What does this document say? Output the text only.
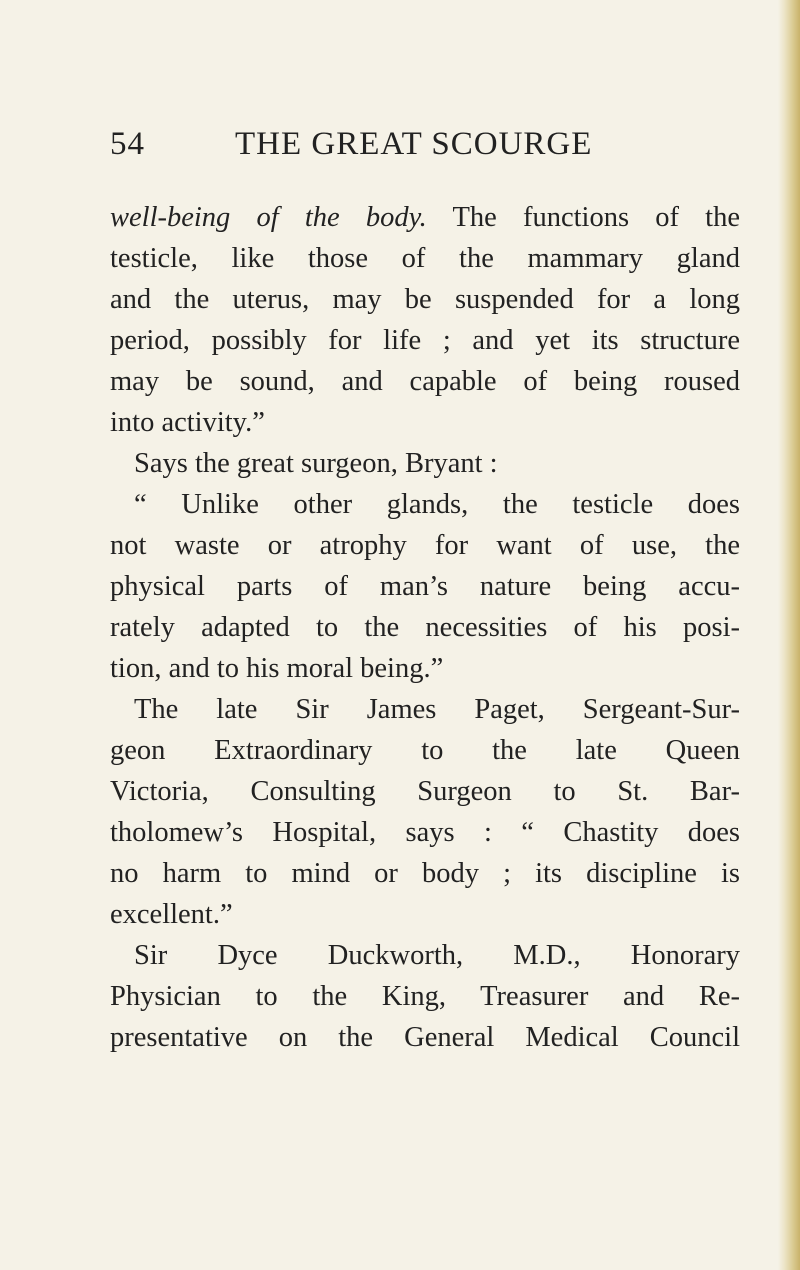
54	THE GREAT SCOURGE
well-being of the body. The functions of the
testicle, like those of the mammary gland
and the uterus, may be suspended for a long
period, possibly for life ; and yet its structure
may be sound, and capable of being roused
into activity.”
Says the great surgeon, Bryant :
“ Unlike other glands, the testicle does
not waste or atrophy for want of use, the
physical parts of man’s nature being accu-
rately adapted to the necessities of his posi-
tion, and to his moral being.”
The late Sir James Paget, Sergeant-Sur-
geon Extraordinary to the late Queen
Victoria, Consulting Surgeon to St. Bar-
tholomew’s Hospital, says : “ Chastity does
no harm to mind or body ; its discipline is
excellent.”
Sir Dyce Duckworth, M.D., Honorary
Physician to the King, Treasurer and Re-
presentative on the General Medical Council
